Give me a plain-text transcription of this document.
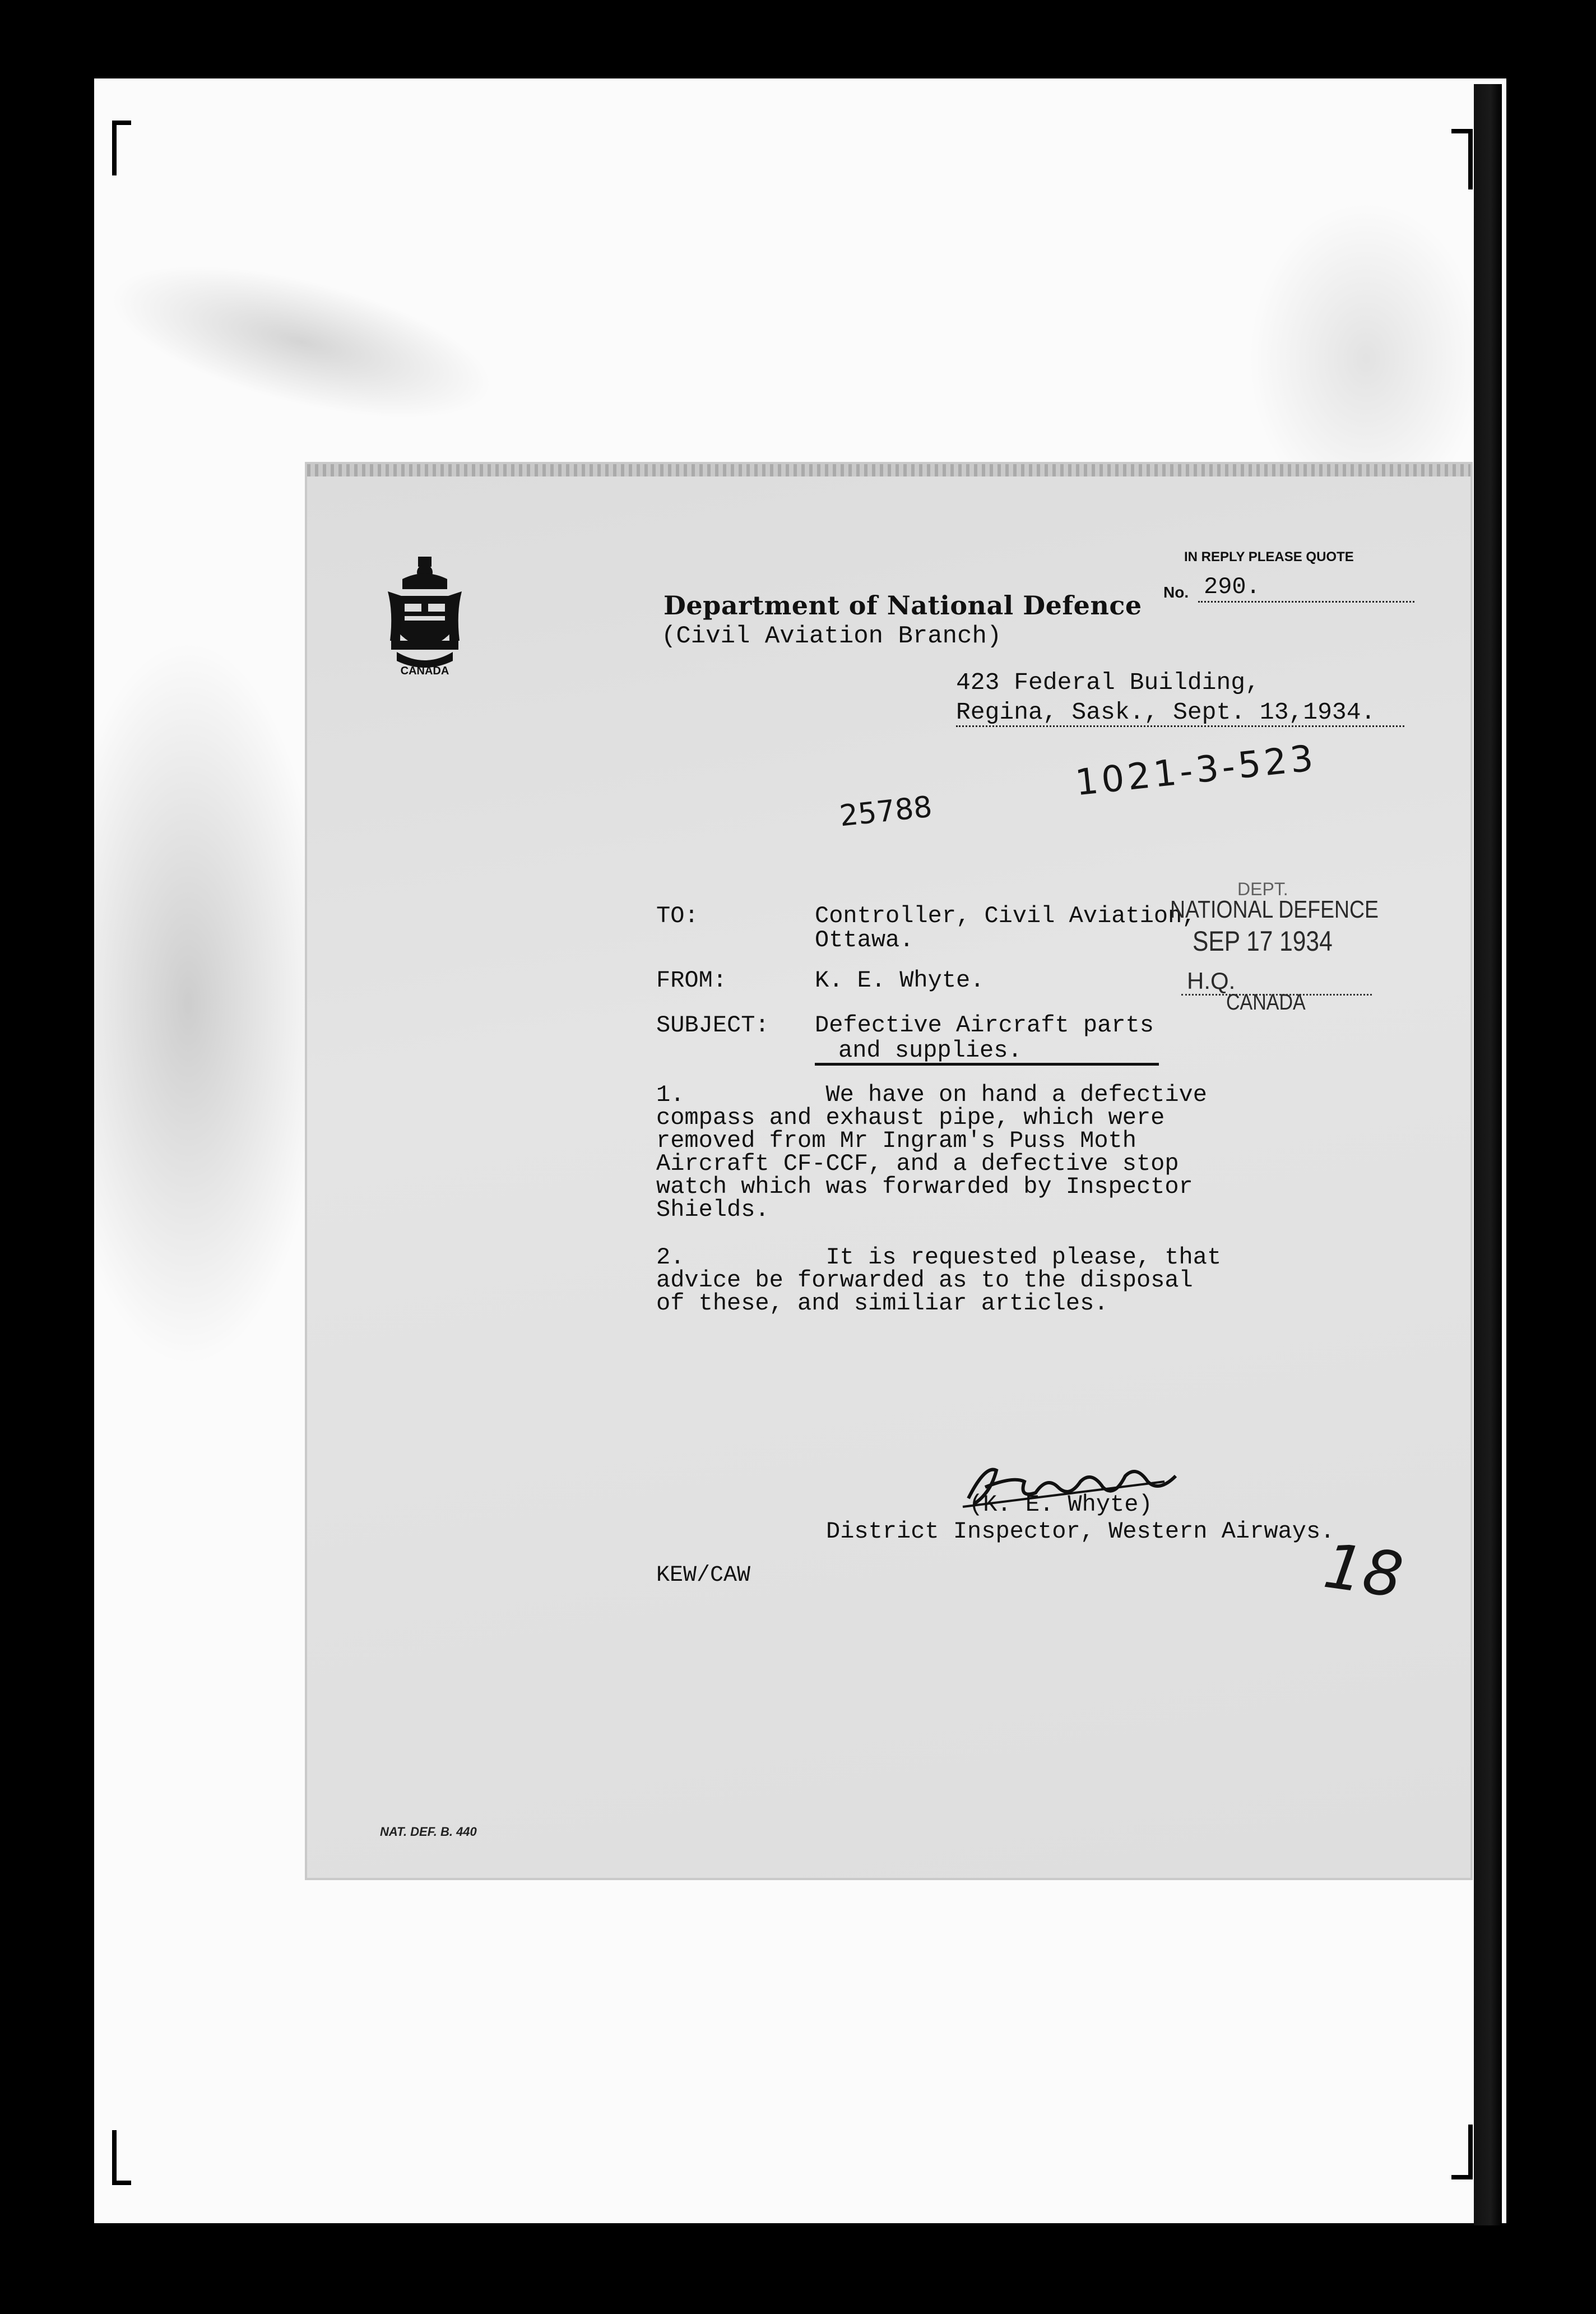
CANADA
Department of National Defence
(Civil Aviation Branch)
IN REPLY PLEASE QUOTE
No. 290.
423 Federal Building,
Regina, Sask., Sept. 13,1934.
1021-3-523
25788
TO:	Controller, Civil Aviation,
Ottawa.
FROM:	K. E. Whyte.
SUBJECT: Defective Aircraft parts
and supplies.
DEPT.
NATIONAL DEFENCE
SEP 17 1934
H.Q.
CANADA
1.          We have on hand a defective
compass and exhaust pipe, which were
removed from Mr Ingram's Puss Moth
Aircraft CF-CCF, and a defective stop
watch which was forwarded by Inspector
Shields.
2.          It is requested please, that
advice be forwarded as to the disposal
of these, and similiar articles.
(K. E. Whyte)
District Inspector, Western Airways.
18
KEW/CAW
NAT. DEF. B. 440
